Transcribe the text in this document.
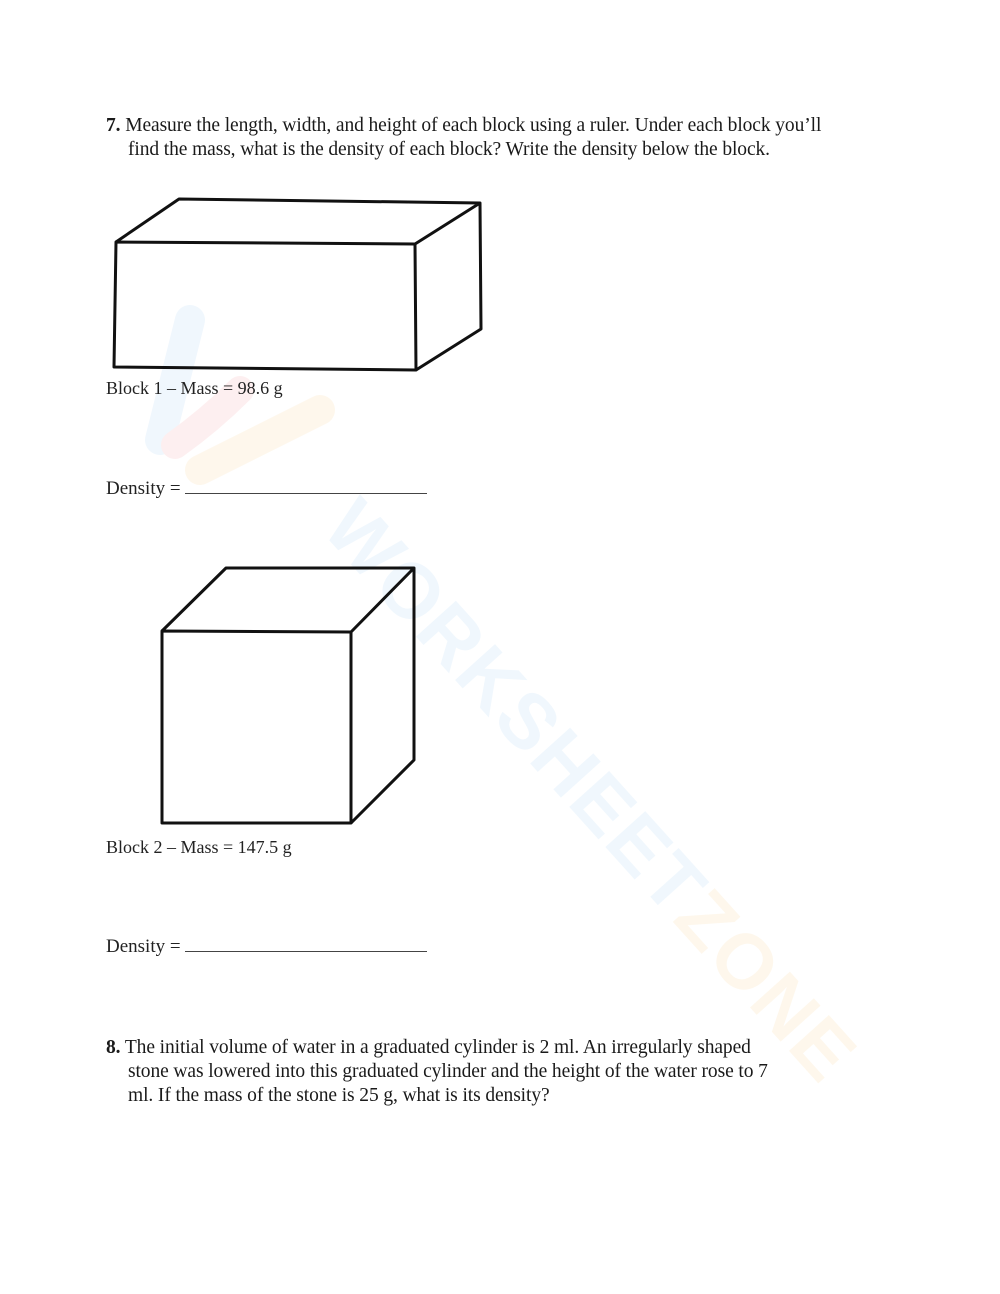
WORKSHEETZONE
7. Measure the length, width, and height of each block using a ruler. Under each block you’ll
find the mass, what is the density of each block? Write the density below the block.
Block 1 – Mass = 98.6 g
Density =
Block 2 – Mass = 147.5 g
Density =
8. The initial volume of water in a graduated cylinder is 2 ml. An irregularly shaped
stone was lowered into this graduated cylinder and the height of the water rose to 7
ml. If the mass of the stone is 25 g, what is its density?
